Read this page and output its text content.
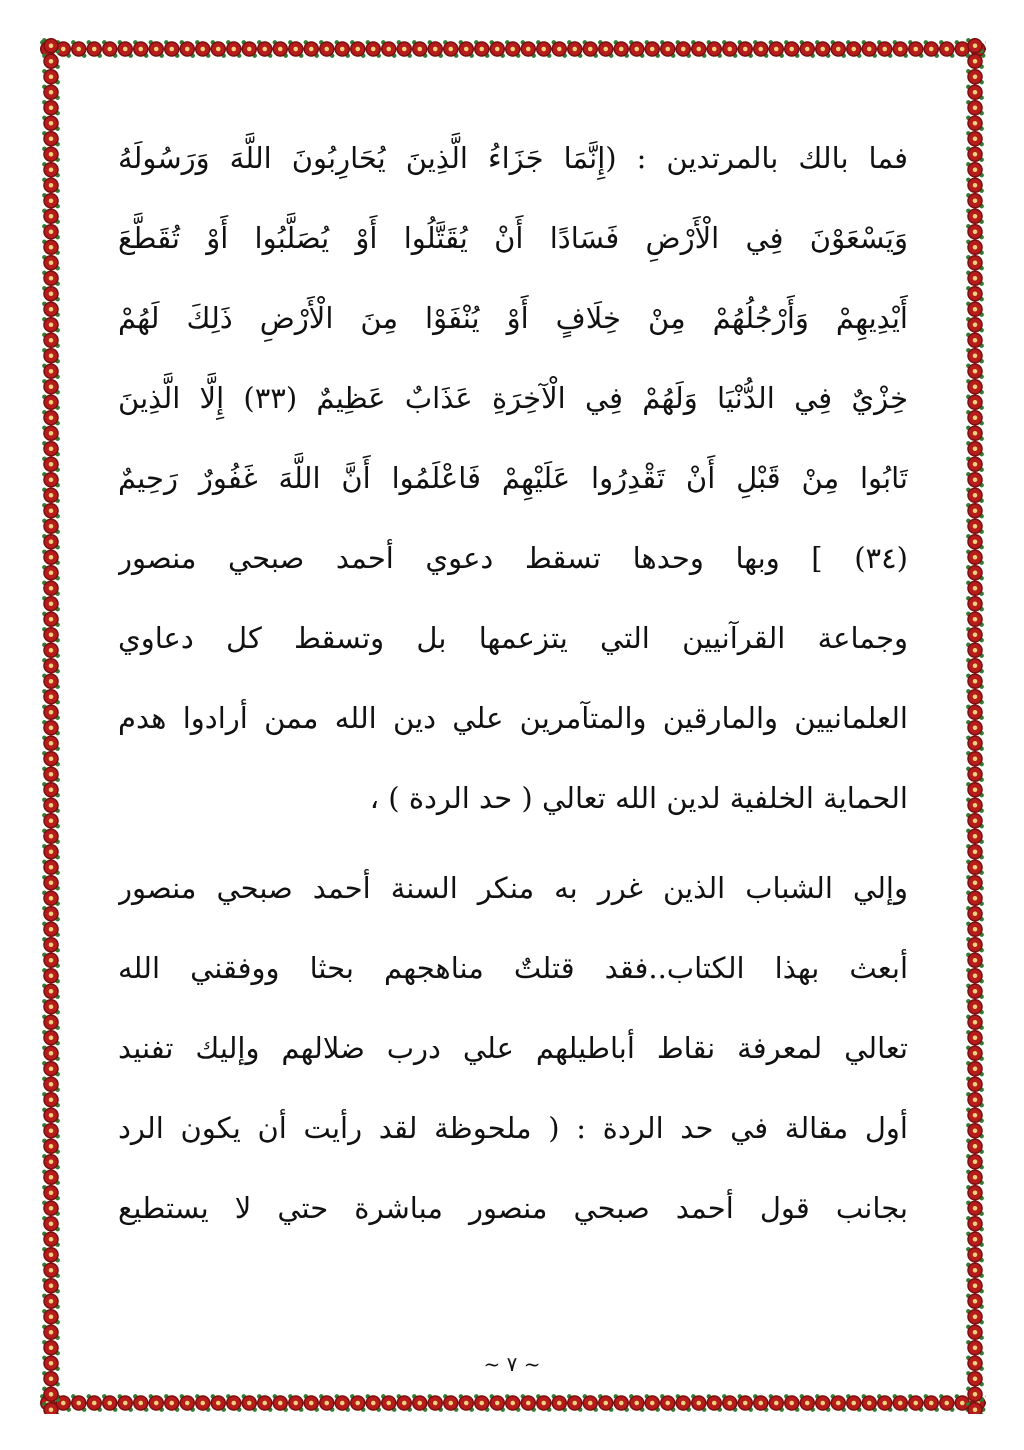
فما بالك بالمرتدين : (إِنَّمَا جَزَاءُ الَّذِينَ يُحَارِبُونَ اللَّهَ وَرَسُولَهُ
وَيَسْعَوْنَ فِي الْأَرْضِ فَسَادًا أَنْ يُقَتَّلُوا أَوْ يُصَلَّبُوا أَوْ تُقَطَّعَ
أَيْدِيهِمْ وَأَرْجُلُهُمْ مِنْ خِلَافٍ أَوْ يُنْفَوْا مِنَ الْأَرْضِ ذَلِكَ لَهُمْ
خِزْيٌ فِي الدُّنْيَا وَلَهُمْ فِي الْآخِرَةِ عَذَابٌ عَظِيمٌ (٣٣) إِلَّا الَّذِينَ
تَابُوا مِنْ قَبْلِ أَنْ تَقْدِرُوا عَلَيْهِمْ فَاعْلَمُوا أَنَّ اللَّهَ غَفُورٌ رَحِيمٌ
(٣٤) ] وبها وحدها تسقط دعوي أحمد صبحي منصور
وجماعة القرآنيين التي يتزعمها بل وتسقط كل دعاوي
العلمانيين والمارقين والمتآمرين علي دين الله ممن أرادوا هدم
الحماية الخلفية لدين الله تعالي ( حد الردة ) ،
وإلي الشباب الذين غرر به منكر السنة أحمد صبحي منصور
أبعث بهذا الكتاب..فقد قتلتٌ مناهجهم بحثا ووفقني الله
تعالي لمعرفة نقاط أباطيلهم علي درب ضلالهم وإليك تفنيد
أول مقالة في حد الردة : ( ملحوظة لقد رأيت أن يكون الرد
بجانب قول أحمد صبحي منصور مباشرة حتي لا يستطيع
~ ٧ ~
